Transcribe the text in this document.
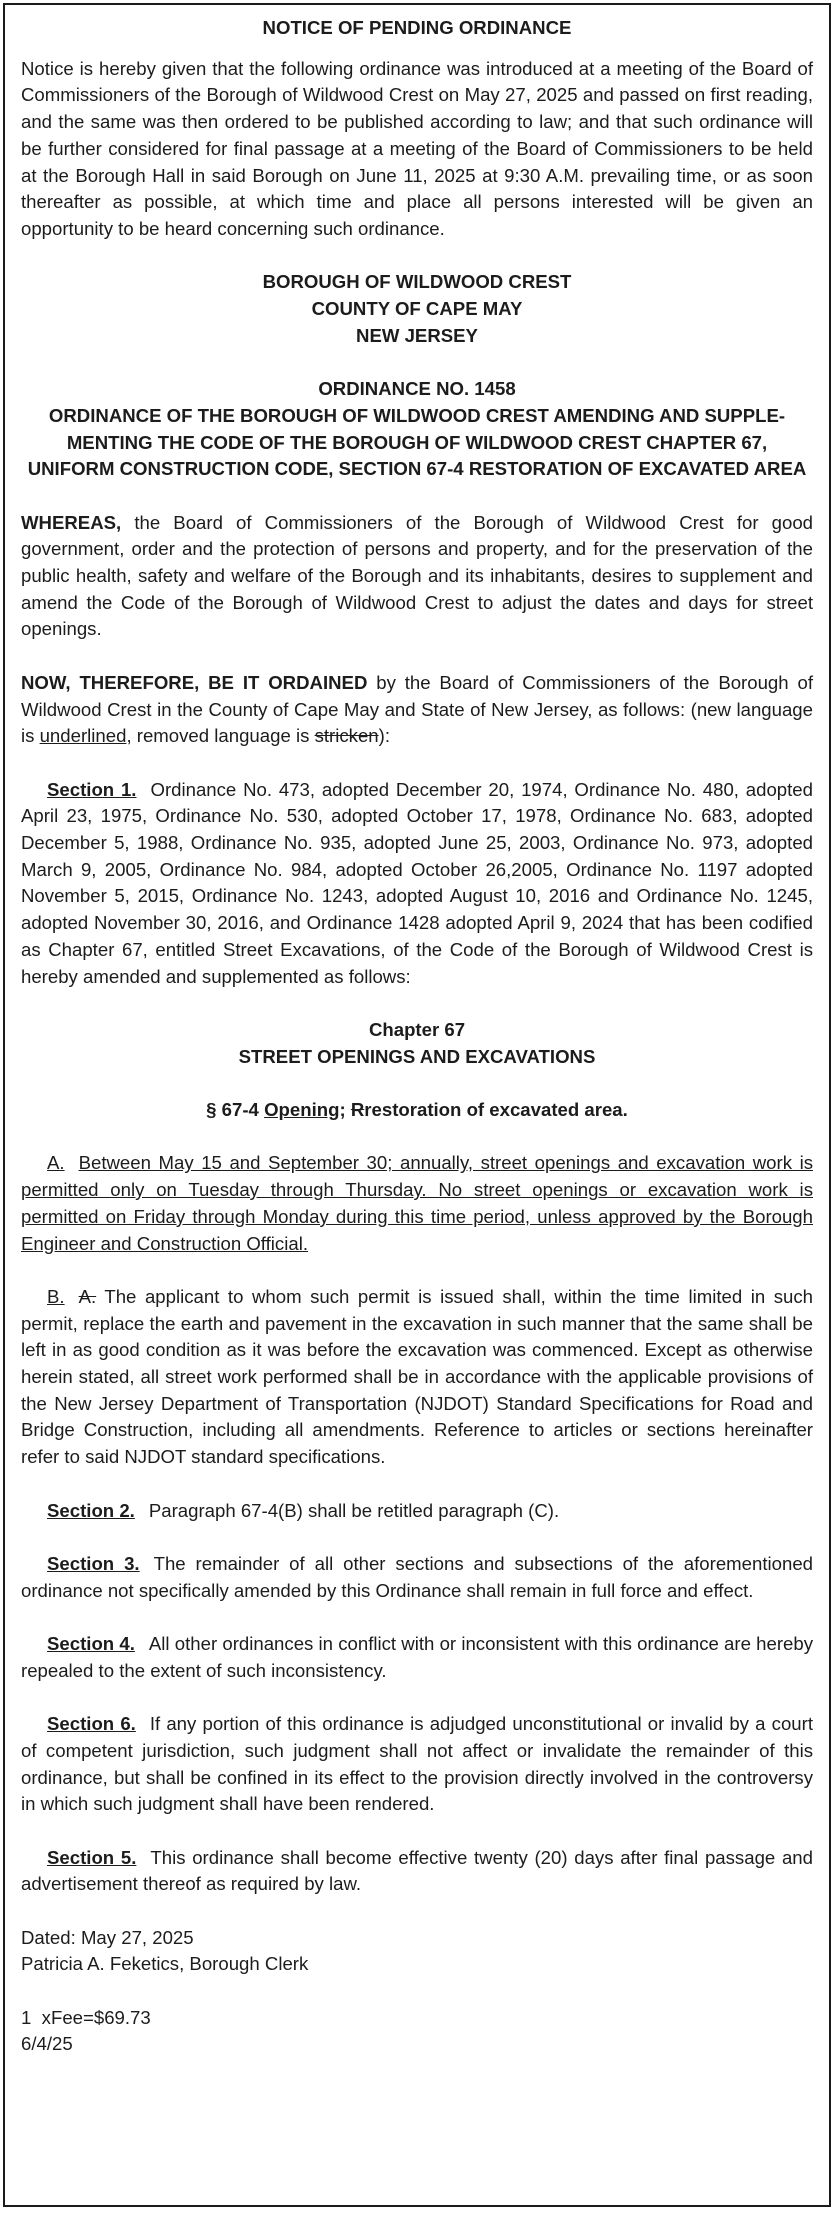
NOTICE OF PENDING ORDINANCE

Notice is hereby given that the following ordinance was introduced at a meeting of the Board of Commissioners of the Borough of Wildwood Crest on May 27, 2025 and passed on first reading, and the same was then ordered to be published according to law; and that such ordinance will be further considered for final passage at a meeting of the Board of Commissioners to be held at the Borough Hall in said Borough on June 11, 2025 at 9:30 A.M. prevailing time, or as soon thereafter as possible, at which time and place all persons interested will be given an opportunity to be heard concerning such ordinance.

BOROUGH OF WILDWOOD CREST

COUNTY OF CAPE MAY

NEW JERSEY

ORDINANCE NO. 1458

ORDINANCE OF THE BOROUGH OF WILDWOOD CREST AMENDING AND SUPPLE-MENTING THE CODE OF THE BOROUGH OF WILDWOOD CREST CHAPTER 67, UNIFORM CONSTRUCTION CODE, SECTION 67-4 RESTORATION OF EXCAVATED AREA

WHEREAS, the Board of Commissioners of the Borough of Wildwood Crest for good government, order and the protection of persons and property, and for the preservation of the public health, safety and welfare of the Borough and its inhabitants, desires to supplement and amend the Code of the Borough of Wildwood Crest to adjust the dates and days for street openings.

NOW, THEREFORE, BE IT ORDAINED by the Board of Commissioners of the Borough of Wildwood Crest in the County of Cape May and State of New Jersey, as follows: (new language is underlined, removed language is stricken):

Section 1. Ordinance No. 473, adopted December 20, 1974, Ordinance No. 480, adopted April 23, 1975, Ordinance No. 530, adopted October 17, 1978, Ordinance No. 683, adopted December 5, 1988, Ordinance No. 935, adopted June 25, 2003, Ordinance No. 973, adopted March 9, 2005, Ordinance No. 984, adopted October 26,2005, Ordinance No. 1197 adopted November 5, 2015, Ordinance No. 1243, adopted August 10, 2016 and Ordinance No. 1245, adopted November 30, 2016, and Ordinance 1428 adopted April 9, 2024 that has been codified as Chapter 67, entitled Street Excavations, of the Code of the Borough of Wildwood Crest is hereby amended and supplemented as follows:

Chapter 67

STREET OPENINGS AND EXCAVATIONS

§ 67-4 Opening; Rrestoration of excavated area.

A. Between May 15 and September 30; annually, street openings and excavation work is permitted only on Tuesday through Thursday. No street openings or excavation work is permitted on Friday through Monday during this time period, unless approved by the Borough Engineer and Construction Official.

B. A. The applicant to whom such permit is issued shall, within the time limited in such permit, replace the earth and pavement in the excavation in such manner that the same shall be left in as good condition as it was before the excavation was commenced. Except as otherwise herein stated, all street work performed shall be in accordance with the applicable provisions of the New Jersey Department of Transportation (NJDOT) Standard Specifications for Road and Bridge Construction, including all amendments. Reference to articles or sections hereinafter refer to said NJDOT standard specifications.

Section 2. Paragraph 67-4(B) shall be retitled paragraph (C).

Section 3. The remainder of all other sections and subsections of the aforementioned ordinance not specifically amended by this Ordinance shall remain in full force and effect.

Section 4. All other ordinances in conflict with or inconsistent with this ordinance are hereby repealed to the extent of such inconsistency.

Section 6. If any portion of this ordinance is adjudged unconstitutional or invalid by a court of competent jurisdiction, such judgment shall not affect or invalidate the remainder of this ordinance, but shall be confined in its effect to the provision directly involved in the controversy in which such judgment shall have been rendered.

Section 5. This ordinance shall become effective twenty (20) days after final passage and advertisement thereof as required by law.

Dated: May 27, 2025

Patricia A. Feketics, Borough Clerk

1  xFee=$69.73

6/4/25
